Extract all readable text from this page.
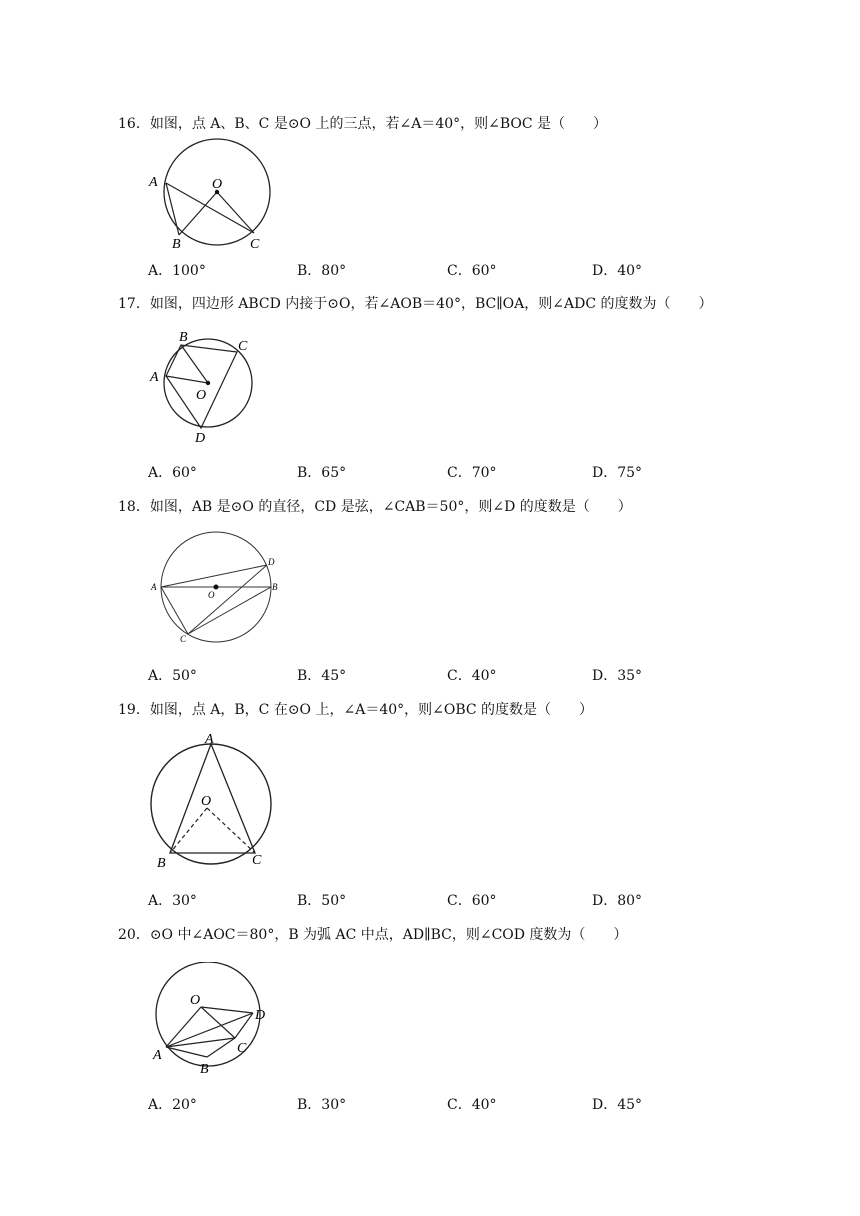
16．如图，点 A、B、C 是⊙O 上的三点，若∠A＝40°，则∠BOC 是（　　）
A	O
B	C
A．100°	B．80°	C．60°	D．40°
17．如图，四边形 ABCD 内接于⊙O，若∠AOB＝40°，BC∥OA，则∠ADC 的度数为（　　）
B
C
A
O
D
A．60°	B．65°	C．70°	D．75°
18．如图，AB 是⊙O 的直径，CD 是弦，∠CAB＝50°，则∠D 的度数是（　　）
A
O
B
D
C
A．50°	B．45°	C．40°	D．35°
19．如图，点 A，B，C 在⊙O 上，∠A＝40°，则∠OBC 的度数是（　　）
A
O
B	C
A．30°	B．50°	C．60°	D．80°
20．⊙O 中∠AOC＝80°，B 为弧 AC 中点，AD∥BC，则∠COD 度数为（　　）
O
D
A	C
B
A．20°	B．30°	C．40°	D．45°
